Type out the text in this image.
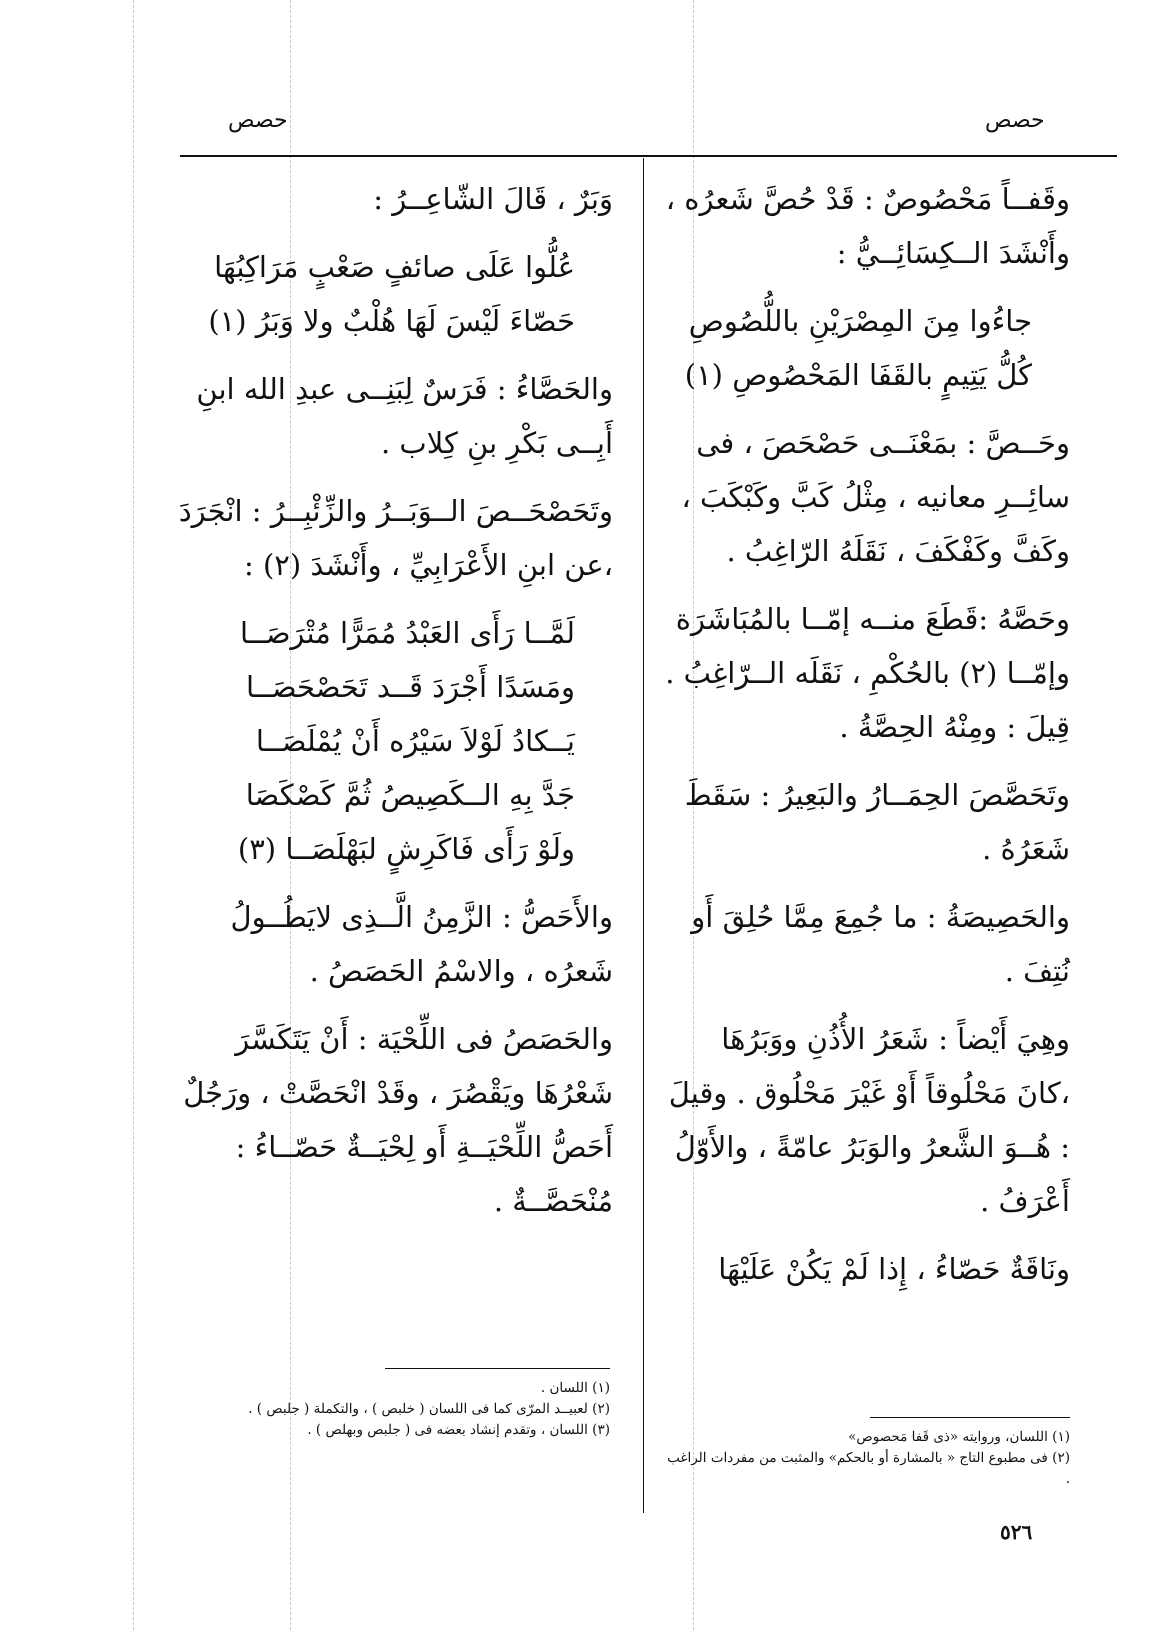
حصص
حصص

وقَفــاً مَحْصُوصٌ : قَدْ حُصَّ شَعرُه ، وأَنْشَدَ الــكِسَائِــيُّ :

جاءُوا مِنَ المِصْرَيْنِ باللُّصُوصِ
كُلُّ يَتِيمٍ بالقَفَا المَحْصُوصِ (١)

وحَــصَّ : بمَعْنَــى حَصْحَصَ ، فى سائِــرِ معانيه ، مِثْلُ كَبَّ وكَبْكَبَ ، وكَفَّ وكَفْكَفَ ، نَقَلَهُ الرّاغِبُ .

وحَصَّهُ :قَطَعَ منــه إمّــا بالمُبَاشَرَة وإمّــا (٢) بالحُكْمِ ، نَقَلَه الــرّاغِبُ . قِيلَ : ومِنْهُ الحِصَّةُ .

وتَحَصَّصَ الحِمَــارُ والبَعِيرُ : سَقَطَ شَعَرُهُ .

والحَصِيصَةُ : ما جُمِعَ مِمَّا حُلِقَ أَو نُتِفَ .

وهِيَ أَيْضاً : شَعَرُ الأُذُنِ ووَبَرُهَا ،كانَ مَحْلُوقاً أَوْ غَيْرَ مَحْلُوق . وقيلَ : هُــوَ الشَّعرُ والوَبَرُ عامّةً ، والأَوّلُ أَعْرَفُ .

ونَاقَةٌ حَصّاءُ ، إِذا لَمْ يَكُنْ عَلَيْهَا

وَبَرٌ ، قَالَ الشّاعِــرُ :

عُلُّوا عَلَى صائفٍ صَعْبٍ مَرَاكِبُهَا
حَصّاءَ لَيْسَ لَهَا هُلْبٌ ولا وَبَرُ (١)

والحَصَّاءُ : فَرَسٌ لِبَنِــى عبدِ الله ابنِ أَبِــى بَكْرِ بنِ كِلاب .

وتَحَصْحَــصَ الــوَبَــرُ والزِّئْبِــرُ : انْجَرَدَ ،عن ابنِ الأَعْرَابِيِّ ، وأَنْشَدَ (٢) :

لَمَّــا رَأَى العَبْدُ مُمَرًّا مُتْرَصَــا
ومَسَدًا أَجْرَدَ قَــد تَحَصْحَصَــا
يَــكادُ لَوْلاَ سَيْرُه أَنْ يُمْلَصَــا
جَدَّ بِهِ الــكَصِيصُ ثُمَّ كَصْكَصَا
ولَوْ رَأَى فَاكَرِشٍ لبَهْلَصَــا (٣)

والأَحَصُّ : الزَّمِنُ الَّــذِى لايَطُــولُ شَعرُه ، والاسْمُ الحَصَصُ .

والحَصَصُ فى اللِّحْيَة : أَنْ يَتَكَسَّرَ شَعْرُهَا ويَقْصُرَ ، وقَدْ انْحَصَّتْ ، ورَجُلٌ أَحَصُّ اللِّحْيَــةِ أَو لِحْيَــةٌ حَصّــاءُ : مُنْحَصَّــةٌ .

(١) اللسان .
(٢) لعبيــد المرّى كما فى اللسان ( خلبص ) ، والتكملة ( جلبص ) .
(٣) اللسان ، وتقدم إنشاد بعضه فى ( جلبص وبهلص ) .	(١) اللسان، وروايته «ذى قَفا مَحصوص»
(٢) فى مطبوع التاج « بالمشارة أو بالحكم» والمثبت من مفردات الراغب .
٥٢٦
